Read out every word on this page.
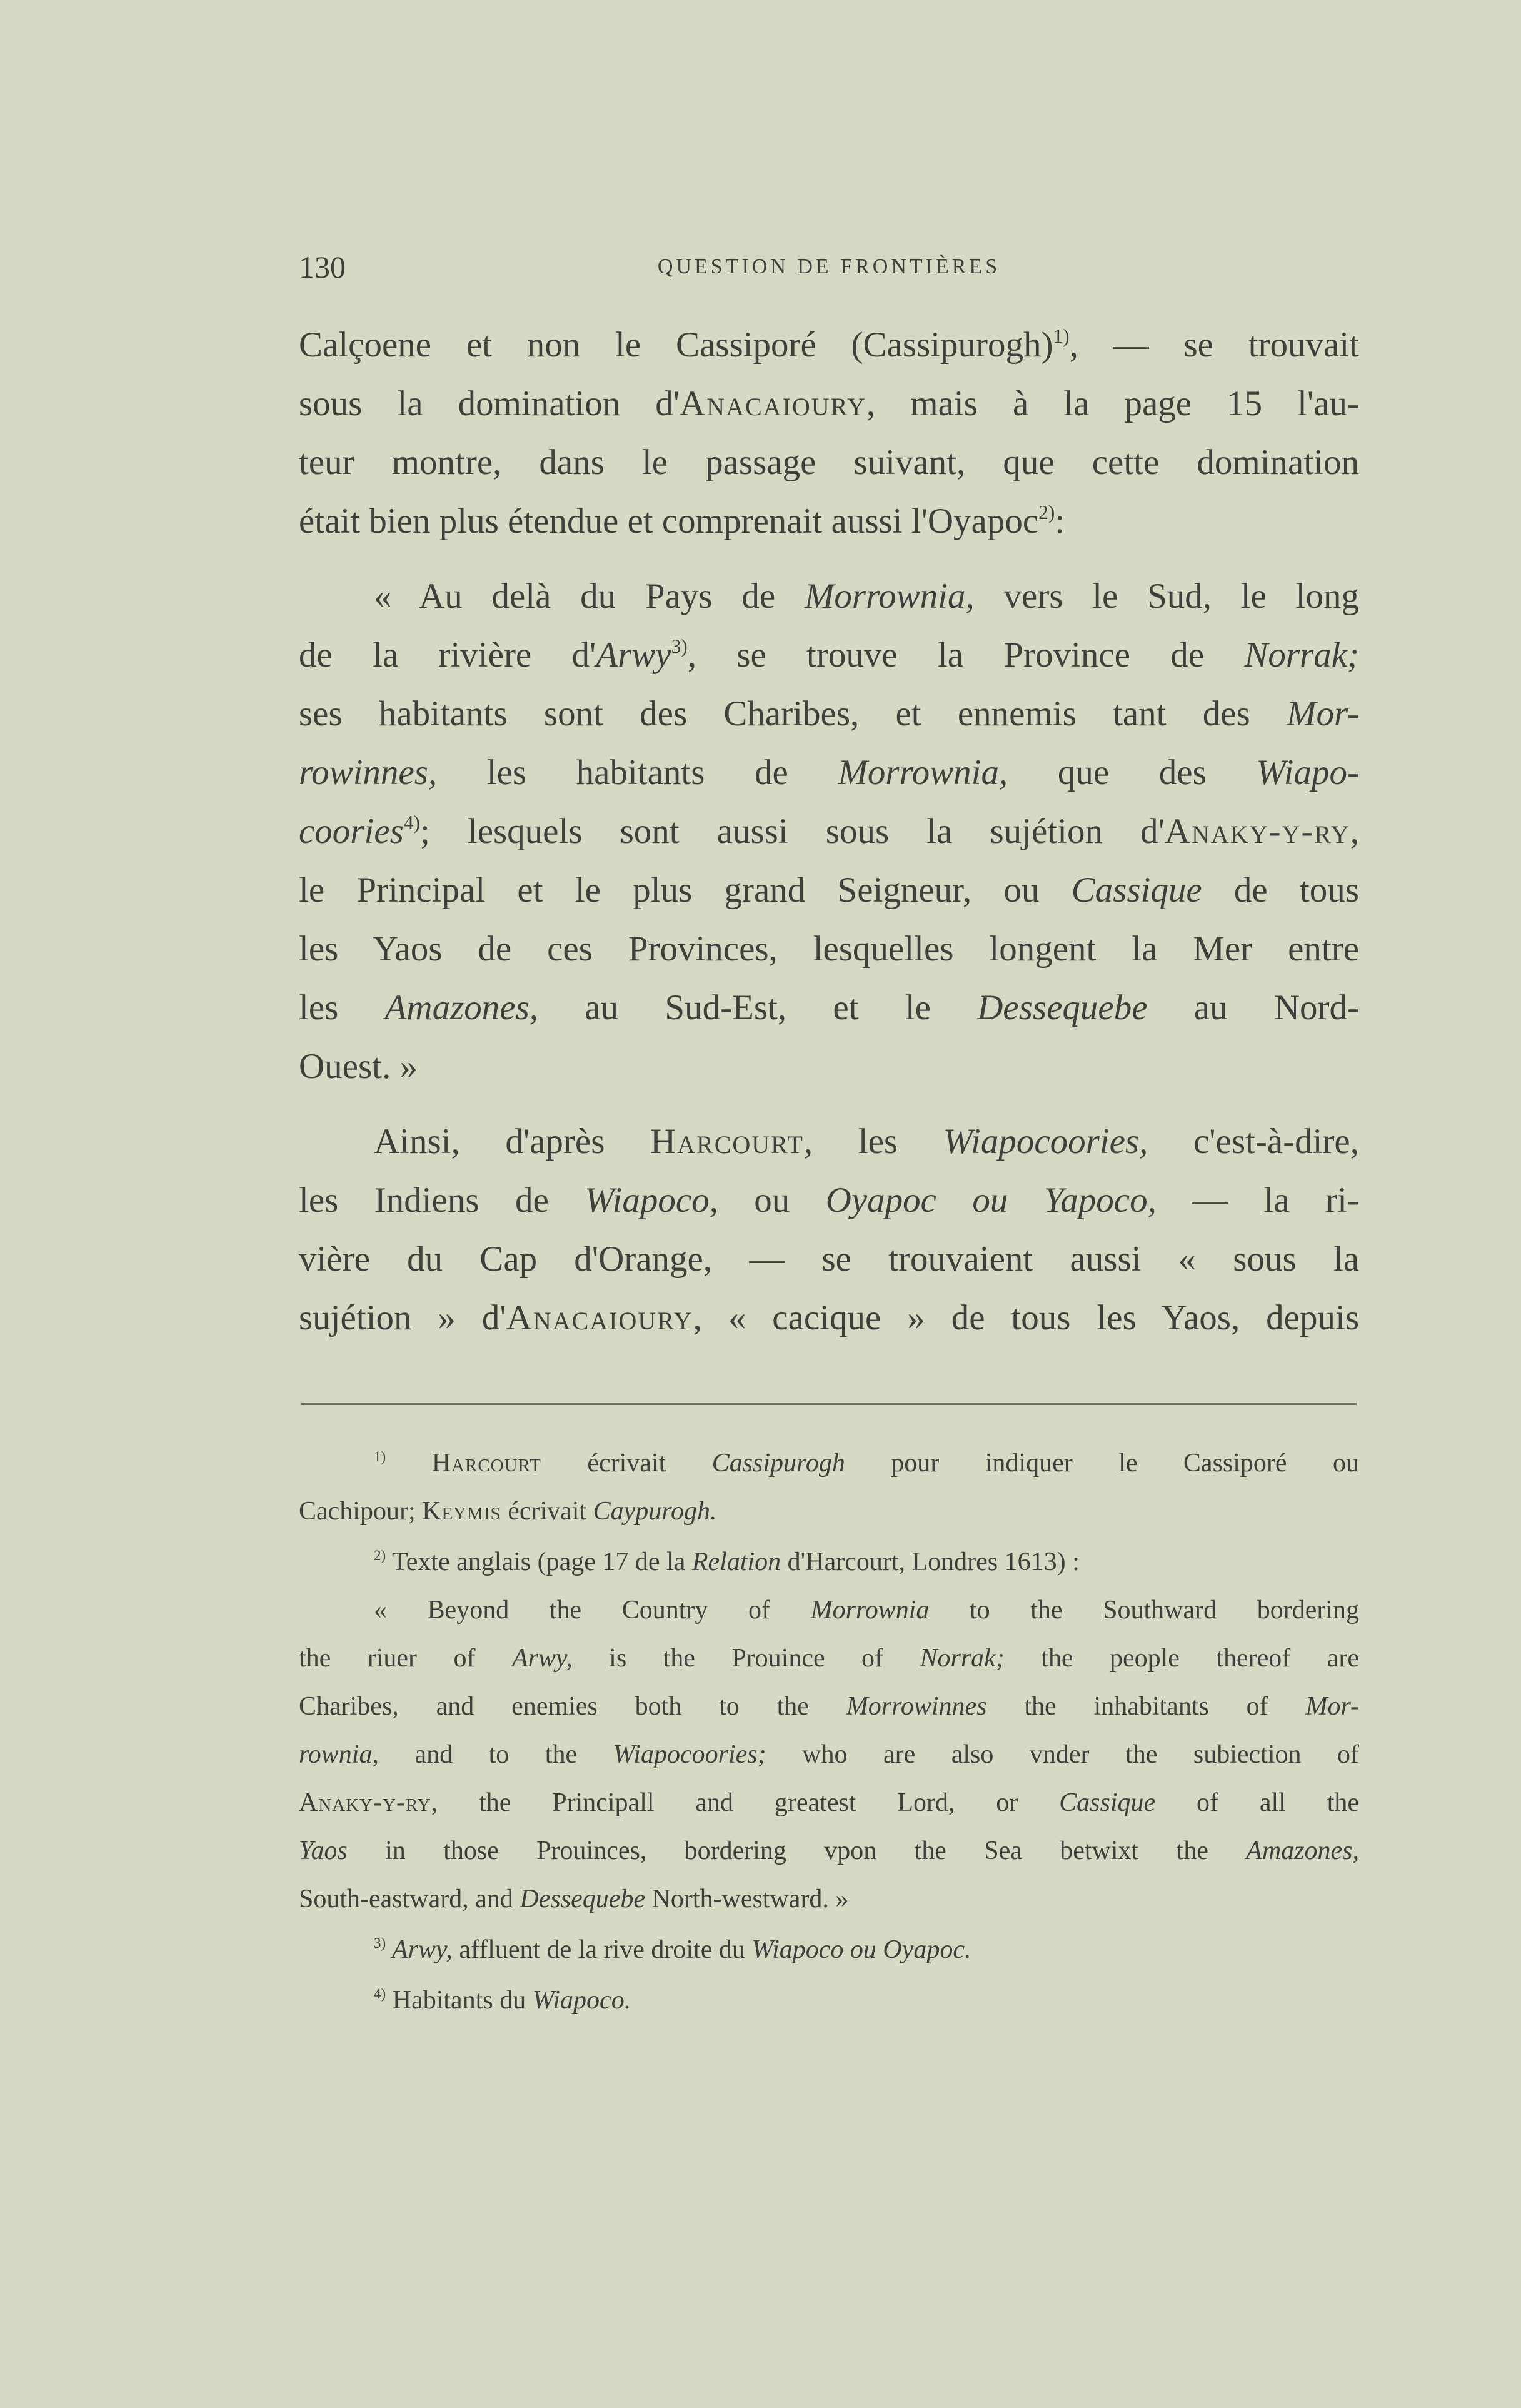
130	QUESTION DE FRONTIÈRES

Calçoene et non le Cassiporé (Cassipurogh)$^{1)}$, — se trouvait

sous la domination d'Anacaioury, mais à la page 15 l'au-

teur montre, dans le passage suivant, que cette domination

était bien plus étendue et comprenait aussi l'Oyapoc$^{2)}$:

« Au delà du Pays de Morrownia, vers le Sud, le long

de la rivière d'Arwy$^{3)}$, se trouve la Province de Norrak;

ses habitants sont des Charibes, et ennemis tant des Mor-

rowinnes, les habitants de Morrownia, que des Wiapo-

coories$^{4)}$; lesquels sont aussi sous la sujétion d'Anaky-y-ry,

le Principal et le plus grand Seigneur, ou Cassique de tous

les Yaos de ces Provinces, lesquelles longent la Mer entre

les Amazones, au Sud-Est, et le Dessequebe au Nord-

Ouest. »

Ainsi, d'après Harcourt, les Wiapocoories, c'est-à-dire,

les Indiens de Wiapoco, ou Oyapoc ou Yapoco, — la ri-

vière du Cap d'Orange, — se trouvaient aussi « sous la

sujétion » d'Anacaioury, « cacique » de tous les Yaos, depuis

$^{1)}$ Harcourt écrivait Cassipurogh pour indiquer le Cassiporé ou

Cachipour; Keymis écrivait Caypurogh.

$^{2)}$ Texte anglais (page 17 de la Relation d'Harcourt, Londres 1613) :

« Beyond the Country of Morrownia to the Southward bordering

the riuer of Arwy, is the Prouince of Norrak; the people thereof are

Charibes, and enemies both to the Morrowinnes the inhabitants of Mor-

rownia, and to the Wiapocoories; who are also vnder the subiection of

Anaky-y-ry, the Principall and greatest Lord, or Cassique of all the

Yaos in those Prouinces, bordering vpon the Sea betwixt the Amazones,

South-eastward, and Dessequebe North-westward. »

$^{3)}$ Arwy, affluent de la rive droite du Wiapoco ou Oyapoc.

$^{4)}$ Habitants du Wiapoco.
